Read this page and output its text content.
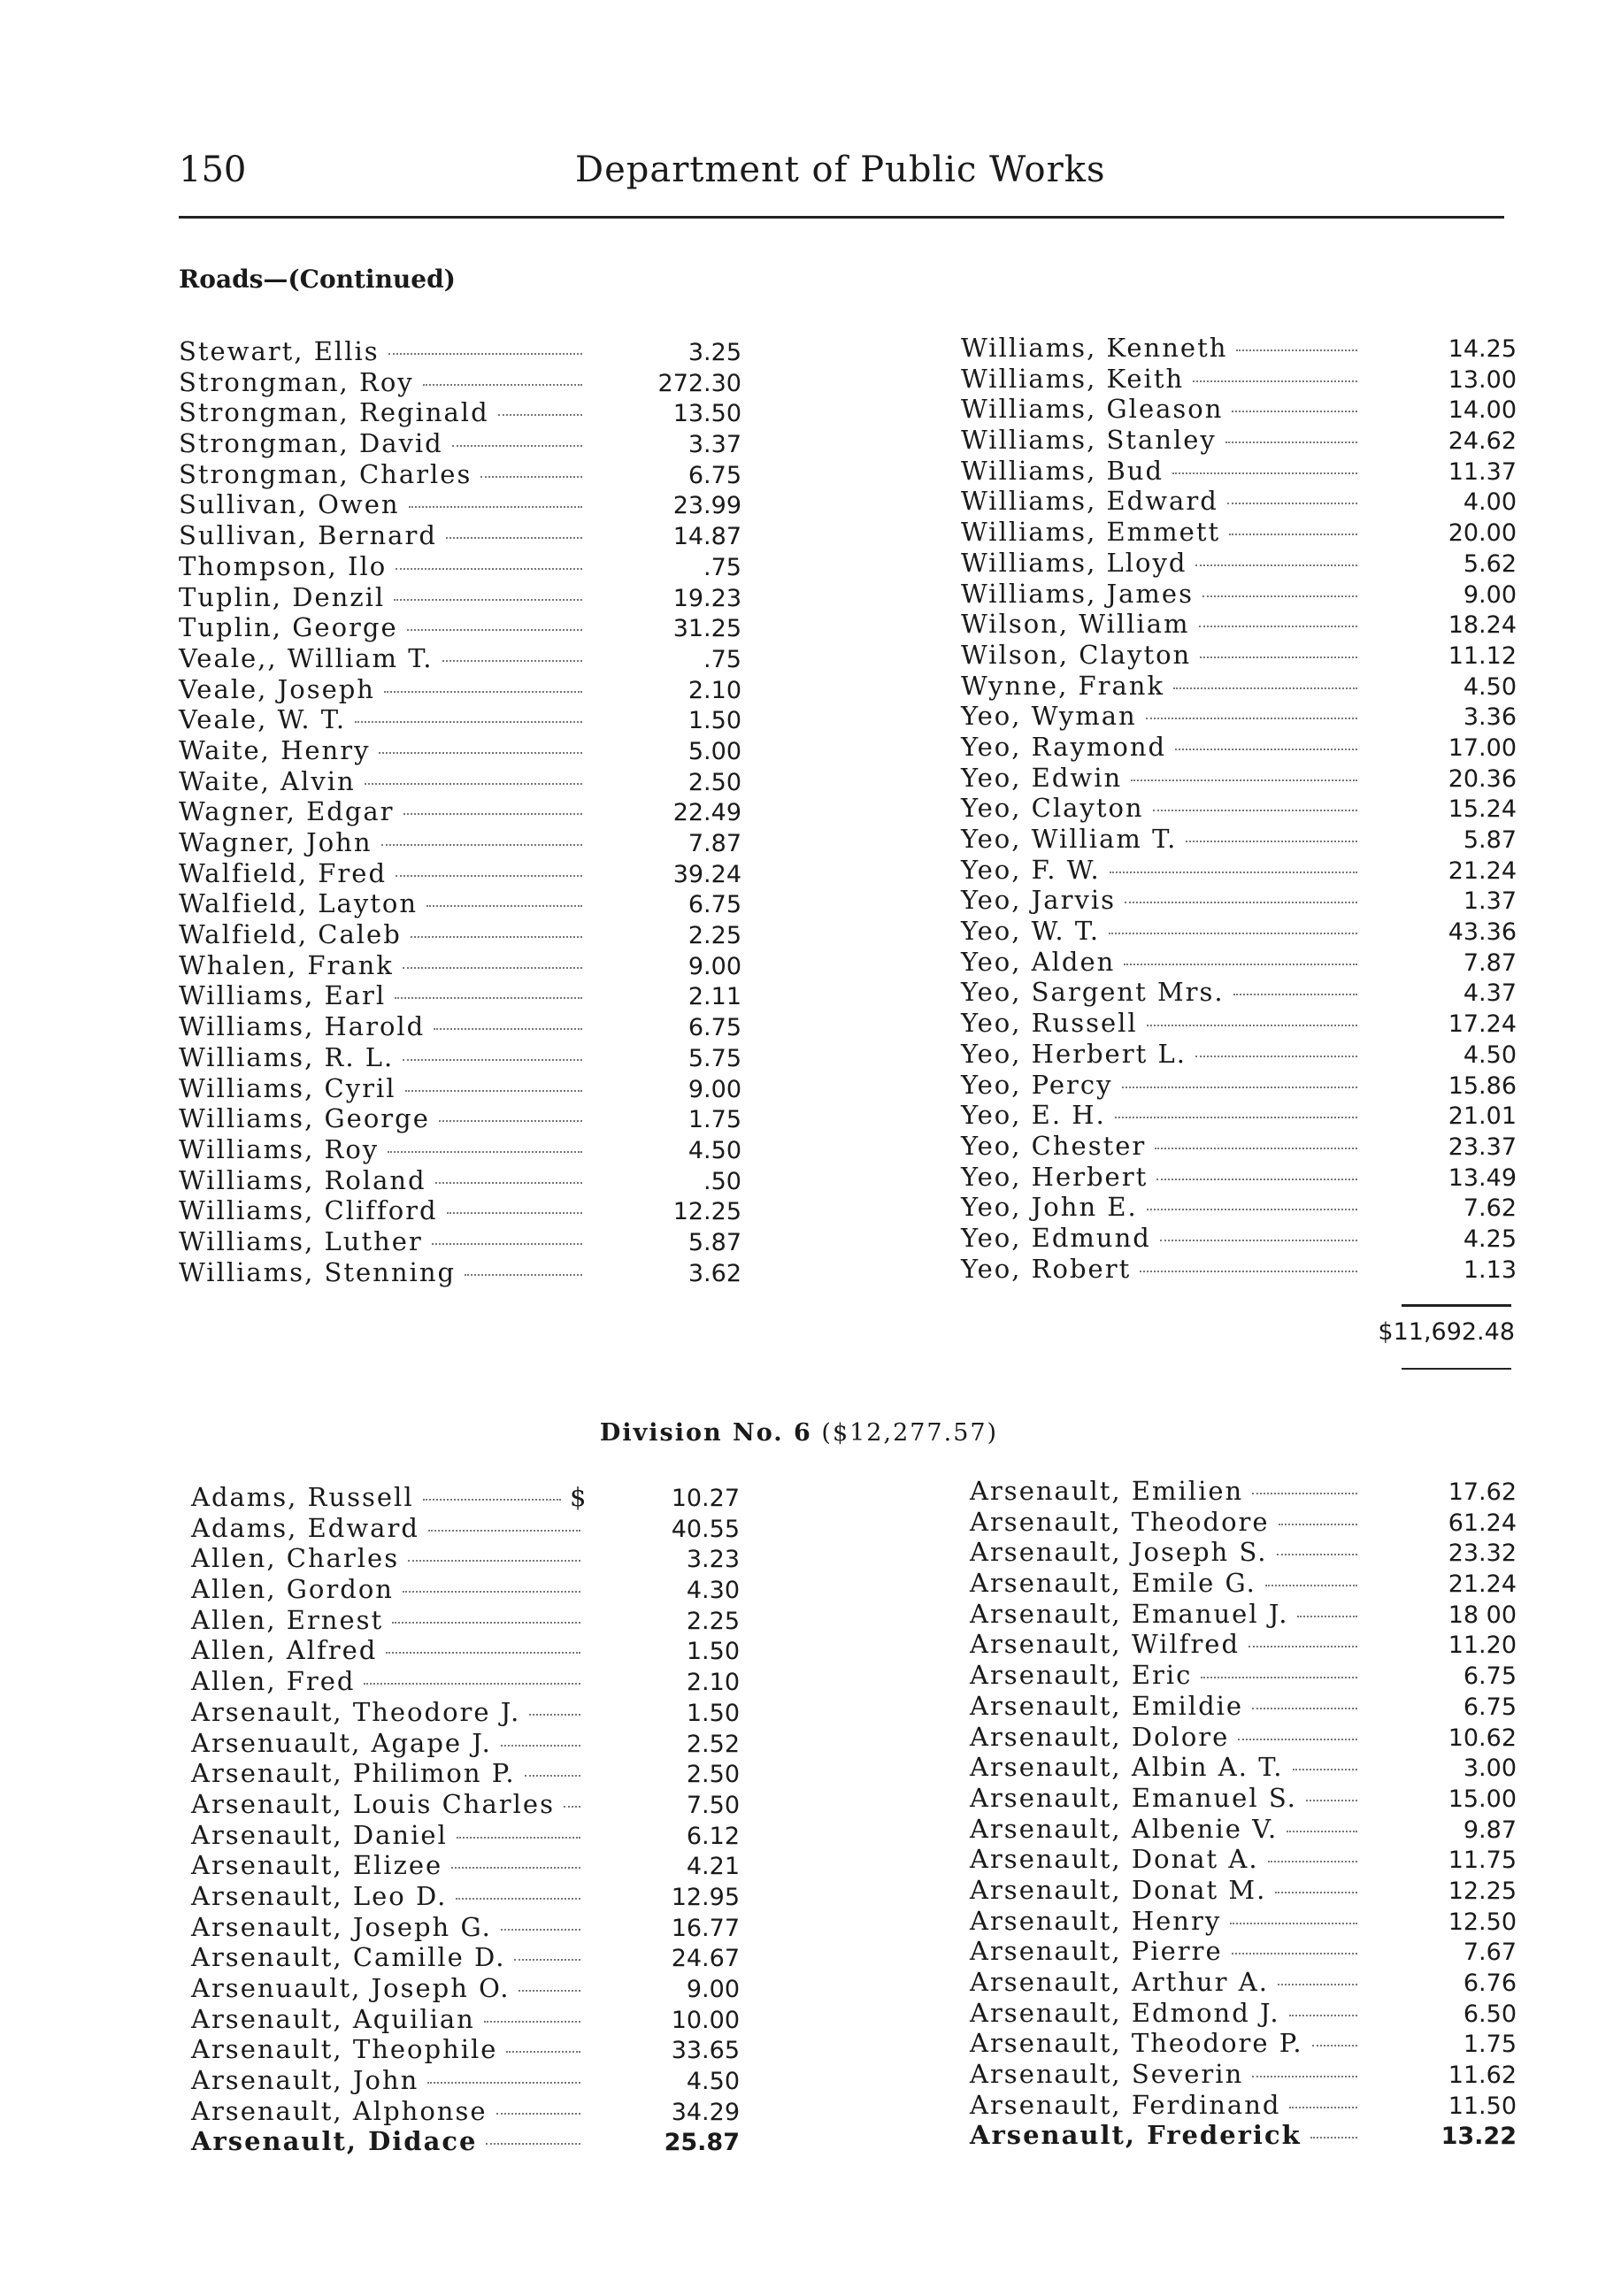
150	Department of Public Works
Roads—(Continued)
Stewart, Ellis	3.25
Strongman, Roy	272.30
Strongman, Reginald	13.50
Strongman, David	3.37
Strongman, Charles	6.75
Sullivan, Owen	23.99
Sullivan, Bernard	14.87
Thompson, Ilo	.75
Tuplin, Denzil	19.23
Tuplin, George	31.25
Veale,, William T.	.75
Veale, Joseph	2.10
Veale, W. T.	1.50
Waite, Henry	5.00
Waite, Alvin	2.50
Wagner, Edgar	22.49
Wagner, John	7.87
Walfield, Fred	39.24
Walfield, Layton	6.75
Walfield, Caleb	2.25
Whalen, Frank	9.00
Williams, Earl	2.11
Williams, Harold	6.75
Williams, R. L.	5.75
Williams, Cyril	9.00
Williams, George	1.75
Williams, Roy	4.50
Williams, Roland	.50
Williams, Clifford	12.25
Williams, Luther	5.87
Williams, Stenning	3.62
Williams, Kenneth	14.25
Williams, Keith	13.00
Williams, Gleason	14.00
Williams, Stanley	24.62
Williams, Bud	11.37
Williams, Edward	4.00
Williams, Emmett	20.00
Williams, Lloyd	5.62
Williams, James	9.00
Wilson, William	18.24
Wilson, Clayton	11.12
Wynne, Frank	4.50
Yeo, Wyman	3.36
Yeo, Raymond	17.00
Yeo, Edwin	20.36
Yeo, Clayton	15.24
Yeo, William T.	5.87
Yeo, F. W.	21.24
Yeo, Jarvis	1.37
Yeo, W. T.	43.36
Yeo, Alden	7.87
Yeo, Sargent Mrs.	4.37
Yeo, Russell	17.24
Yeo, Herbert L.	4.50
Yeo, Percy	15.86
Yeo, E. H.	21.01
Yeo, Chester	23.37
Yeo, Herbert	13.49
Yeo, John E.	7.62
Yeo, Edmund	4.25
Yeo, Robert	1.13
$11,692.48
Division No. 6 ($12,277.57)
Adams, Russell	$	10.27
Adams, Edward	40.55
Allen, Charles	3.23
Allen, Gordon	4.30
Allen, Ernest	2.25
Allen, Alfred	1.50
Allen, Fred	2.10
Arsenault, Theodore J.	1.50
Arsenuault, Agape J.	2.52
Arsenault, Philimon P.	2.50
Arsenault, Louis Charles	7.50
Arsenault, Daniel	6.12
Arsenault, Elizee	4.21
Arsenault, Leo D.	12.95
Arsenault, Joseph G.	16.77
Arsenault, Camille D.	24.67
Arsenuault, Joseph O.	9.00
Arsenault, Aquilian	10.00
Arsenault, Theophile	33.65
Arsenault, John	4.50
Arsenault, Alphonse	34.29
Arsenault, Didace	25.87
Arsenault, Emilien	17.62
Arsenault, Theodore	61.24
Arsenault, Joseph S.	23.32
Arsenault, Emile G.	21.24
Arsenault, Emanuel J.	18 00
Arsenault, Wilfred	11.20
Arsenault, Eric	6.75
Arsenault, Emildie	6.75
Arsenault, Dolore	10.62
Arsenault, Albin A. T.	3.00
Arsenault, Emanuel S.	15.00
Arsenault, Albenie V.	9.87
Arsenault, Donat A.	11.75
Arsenault, Donat M.	12.25
Arsenault, Henry	12.50
Arsenault, Pierre	7.67
Arsenault, Arthur A.	6.76
Arsenault, Edmond J.	6.50
Arsenault, Theodore P.	1.75
Arsenault, Severin	11.62
Arsenault, Ferdinand	11.50
Arsenault, Frederick	13.22
